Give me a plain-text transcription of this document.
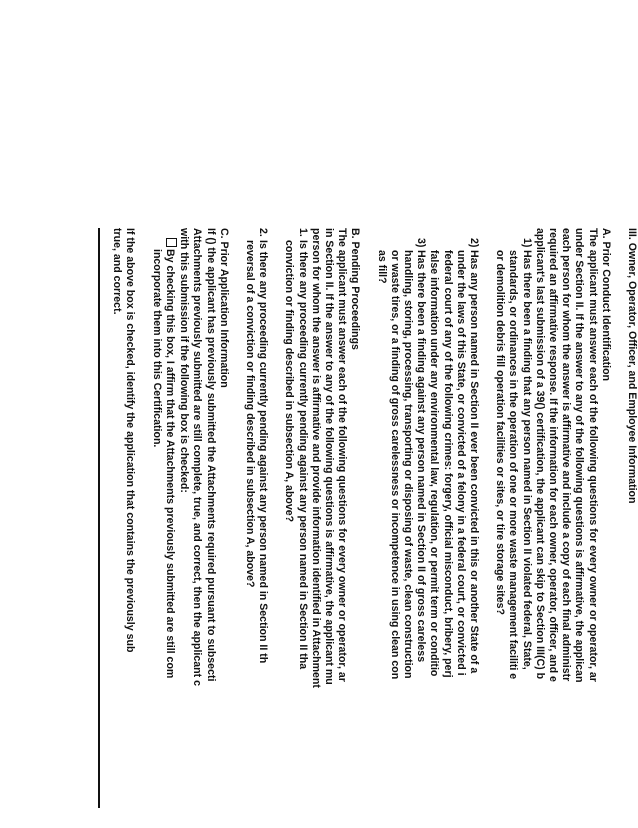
III. Owner, Operator, Officer, and Employee Information

A. Prior Conduct Identification

The applicant must answer each of the following questions for every owner or operator, ar

under Section II. If the answer to any of the following questions is affirmative, the applican

each person for whom the answer is affirmative and include a copy of each final administr

required an affirmative response. If the information for each owner, operator, officer, and e

applicant's last submission of a 39() certification, the applicant can skip to Section III(C) b

1)

Has there been a finding that any person named in Section II violated federal, State,

standards, or ordinances in the operation of one or more waste management faciliti e

or demolition debris fill operation facilities or sites, or tire storage sites?

2)

Has any person named in Section II ever been convicted in this or another State of a

under the laws of this State, or convicted of a felony in a federal court, or convicted i

federal court of any of the following crimes: forgery, official misconduct, bribery, perj

false information under any environmental law, regulation, or permit term or conditio

3)

Has there been a finding against any person named in Section II of gross careless

handling, storing, processing, transporting or disposing of waste, clean construction

or waste tires, or a finding of gross carelessness or incompetence in using clean con

as fill?

B. Pending Proceedings

The applicant must answer each of the following questions for every owner or operator, ar

in Section II. If the answer to any of the following questions is affirmative, the applicant mu

person for whom the answer is affirmative and provide information identified in Attachment

1.

Is there any proceeding currently pending against any person named in Section II tha

conviction or finding described in subsection A, above?

2.

Is there any proceeding currently pending against any person named in Section II th

reversal of a conviction or finding described in subsection A, above?

C. Prior Application Information

If () the applicant has previously submitted the Attachments required pursuant to subsecti

Attachments previously submitted are still complete, true, and correct, then the applicant c

with this submission if the following box is checked:

By checking this box, I affirm that the Attachments previously submitted are still com

incorporate them into this Certification.

If the above box is checked, identify the application that contains the previously sub

true, and correct.
